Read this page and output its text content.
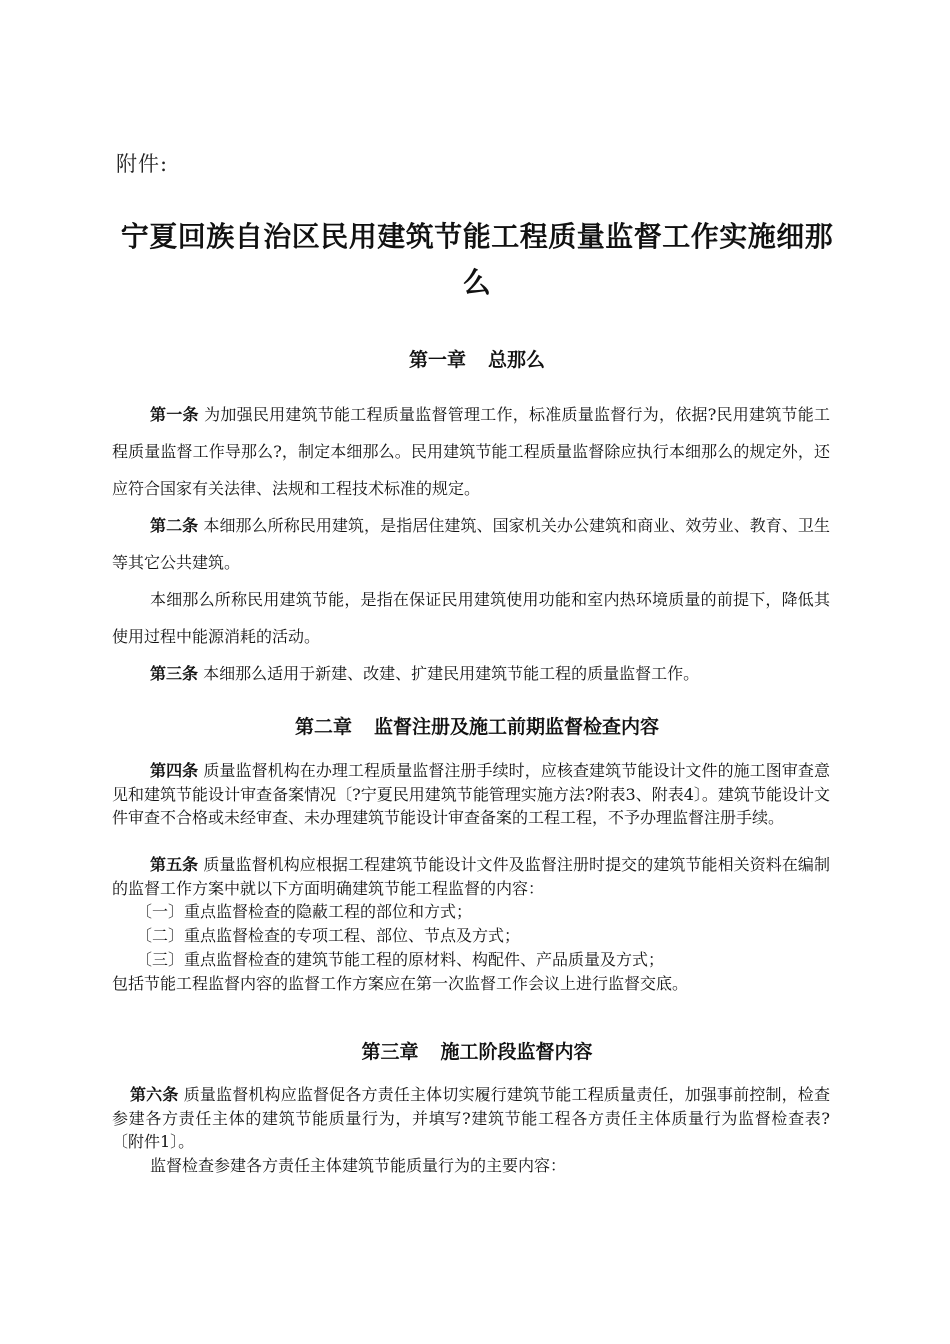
附件:
宁夏回族自治区民用建筑节能工程质量监督工作实施细那
么
第一章 总那么

第一条 为加强民用建筑节能工程质量监督管理工作，标准质量监督行为，依据?民用建筑节能工程质量监督工作导那么?，制定本细那么。民用建筑节能工程质量监督除应执行本细那么的规定外，还应符合国家有关法律、法规和工程技术标准的规定。

第二条 本细那么所称民用建筑，是指居住建筑、国家机关办公建筑和商业、效劳业、教育、卫生等其它公共建筑。

本细那么所称民用建筑节能，是指在保证民用建筑使用功能和室内热环境质量的前提下，降低其使用过程中能源消耗的活动。

第三条 本细那么适用于新建、改建、扩建民用建筑节能工程的质量监督工作。

第二章 监督注册及施工前期监督检查内容

第四条 质量监督机构在办理工程质量监督注册手续时，应核查建筑节能设计文件的施工图审查意见和建筑节能设计审查备案情况〔?宁夏民用建筑节能管理实施方法?附表3、附表4〕。建筑节能设计文件审查不合格或未经审查、未办理建筑节能设计审查备案的工程工程，不予办理监督注册手续。

第五条 质量监督机构应根据工程建筑节能设计文件及监督注册时提交的建筑节能相关资料在编制的监督工作方案中就以下方面明确建筑节能工程监督的内容：

〔一〕重点监督检查的隐蔽工程的部位和方式；

〔二〕重点监督检查的专项工程、部位、节点及方式；

〔三〕重点监督检查的建筑节能工程的原材料、构配件、产品质量及方式；

包括节能工程监督内容的监督工作方案应在第一次监督工作会议上进行监督交底。

第三章 施工阶段监督内容

第六条 质量监督机构应监督促各方责任主体切实履行建筑节能工程质量责任，加强事前控制，检查参建各方责任主体的建筑节能质量行为，并填写?建筑节能工程各方责任主体质量行为监督检查表?〔附件1〕。

监督检查参建各方责任主体建筑节能质量行为的主要内容：
